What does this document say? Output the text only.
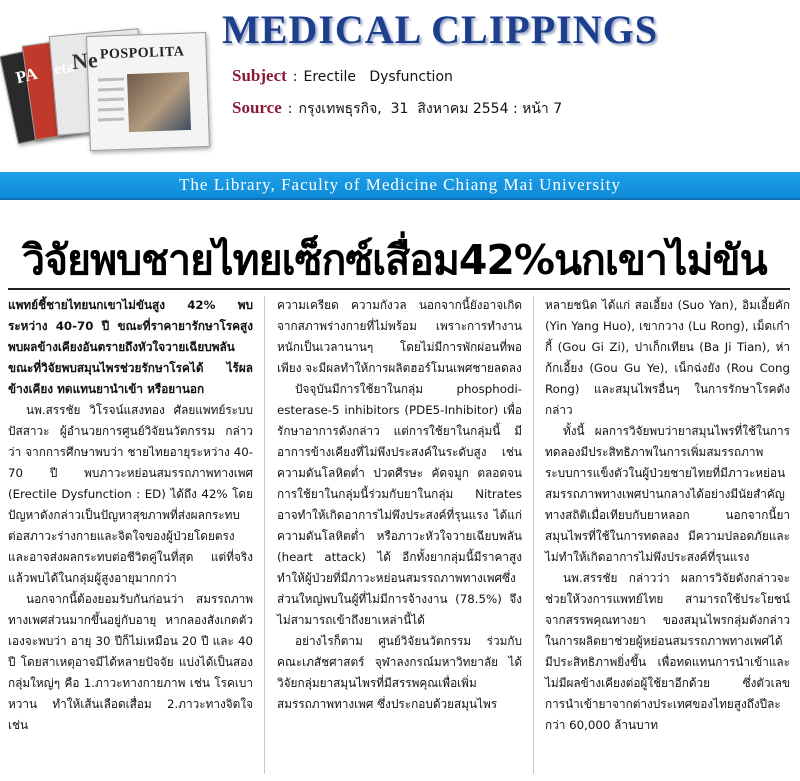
PA eta
Ne POSPOLITA
MEDICAL CLIPPINGS
Subject : Erectile   Dysfunction
Source : กรุงเทพธุรกิจ,  31  สิงหาคม 2554 : หน้า 7
The Library, Faculty of Medicine Chiang Mai University
วิจัยพบชายไทยเซ็กซ์เสื่อม42%นกเขาไม่ขัน

แพทย์ชี้ชายไทยนกเขาไม่ขันสูง 42% พบระหว่าง 40-70 ปี ขณะที่ราคายารักษาโรคสูง พบผลข้างเคียงอันตรายถึงหัวใจวายเฉียบพลัน ขณะที่วิจัยพบสมุนไพรช่วยรักษาโรคได้ ไร้ผลข้างเคียง ทดแทนยานำเข้า หรือยานอก

นพ.สรรชัย วิโรจน์แสงทอง ศัลยแพทย์ระบบปัสสาวะ ผู้อำนวยการศูนย์วิจัยนวัตกรรม กล่าวว่า จากการศึกษาพบว่า ชายไทยอายุระหว่าง 40-70 ปี พบภาวะหย่อนสมรรถภาพทางเพศ (Erectile Dysfunction : ED) ได้ถึง 42% โดยปัญหาดังกล่าวเป็นปัญหาสุขภาพที่ส่งผลกระทบต่อสภาวะร่างกายและจิตใจของผู้ป่วยโดยตรง และอาจส่งผลกระทบต่อชีวิตคู่ในที่สุด แต่ที่จริงแล้วพบได้ในกลุ่มผู้สูงอายุมากกว่า

นอกจากนี้ต้องยอมรับกันก่อนว่า สมรรถภาพทางเพศส่วนมากขึ้นอยู่กับอายุ หากลองสังเกตตัวเองจะพบว่า อายุ 30 ปีก็ไม่เหมือน 20 ปี และ 40 ปี โดยสาเหตุอาจมีได้หลายปัจจัย แบ่งได้เป็นสองกลุ่มใหญ่ๆ คือ 1.ภาวะทางกายภาพ เช่น โรคเบาหวาน ทำให้เส้นเลือดเสื่อม 2.ภาวะทางจิตใจ เช่น

ความเครียด ความกังวล นอกจากนี้ยังอาจเกิดจากสภาพร่างกายที่ไม่พร้อม เพราะการทำงานหนักเป็นเวลานานๆ โดยไม่มีการพักผ่อนที่พอเพียง จะมีผลทำให้การผลิตฮอร์โมนเพศชายลดลง

ปัจจุบันมีการใช้ยาในกลุ่ม phosphodi-esterase-5 inhibitors (PDE5-Inhibitor) เพื่อรักษาอาการดังกล่าว แต่การใช้ยาในกลุ่มนี้ มีอาการข้างเคียงที่ไม่พึงประสงค์ในระดับสูง เช่น ความดันโลหิตต่ำ ปวดศีรษะ คัดจมูก ตลอดจนการใช้ยาในกลุ่มนี้ร่วมกับยาในกลุ่ม Nitrates อาจทำให้เกิดอาการไม่พึงประสงค์ที่รุนแรง ได้แก่ ความดันโลหิตต่ำ หรือภาวะหัวใจวายเฉียบพลัน (heart attack) ได้ อีกทั้งยากลุ่มนี้มีราคาสูง ทำให้ผู้ป่วยที่มีภาวะหย่อนสมรรถภาพทางเพศซึ่งส่วนใหญ่พบในผู้ที่ไม่มีการจ้างงาน (78.5%) จึงไม่สามารถเข้าถึงยาเหล่านี้ได้

อย่างไรก็ตาม ศูนย์วิจัยนวัตกรรม ร่วมกับคณะเภสัชศาสตร์ จุฬาลงกรณ์มหาวิทยาลัย ได้วิจัยกลุ่มยาสมุนไพรที่มีสรรพคุณเพื่อเพิ่มสมรรถภาพทางเพศ ซึ่งประกอบด้วยสมุนไพร

หลายชนิด ได้แก่ สอเอี้ยง (Suo Yan), อิมเอี้ยคัก (Yin Yang Huo), เขากวาง (Lu Rong), เม็ดเก๋ากี้ (Gou Gi Zi), ปาเก็กเทียน (Ba Ji Tian), ห่าก้กเอี้ยง (Gou Gu Ye), เน็กฉ่งยัง (Rou Cong Rong) และสมุนไพรอื่นๆ ในการรักษาโรคดังกล่าว

ทั้งนี้ ผลการวิจัยพบว่ายาสมุนไพรที่ใช้ในการทดลองมีประสิทธิภาพในการเพิ่มสมรรถภาพระบบการแข็งตัวในผู้ป่วยชายไทยที่มีภาวะหย่อนสมรรถภาพทางเพศปานกลางได้อย่างมีนัยสำคัญทางสถิติเมื่อเทียบกับยาหลอก นอกจากนี้ยาสมุนไพรที่ใช้ในการทดลอง มีความปลอดภัยและไม่ทำให้เกิดอาการไม่พึงประสงค์ที่รุนแรง

นพ.สรรชัย กล่าวว่า ผลการวิจัยดังกล่าวจะช่วยให้วงการแพทย์ไทย สามารถใช้ประโยชน์จากสรรพคุณทางยา ของสมุนไพรกลุ่มดังกล่าว ในการผลิตยาช่วยผู้หย่อนสมรรถภาพทางเพศได้มีประสิทธิภาพยิ่งขึ้น เพื่อทดแทนการนำเข้าและไม่มีผลข้างเคียงต่อผู้ใช้ยาอีกด้วย ซึ่งตัวเลขการนำเข้ายาจากต่างประเทศของไทยสูงถึงปีละกว่า 60,000 ล้านบาท
